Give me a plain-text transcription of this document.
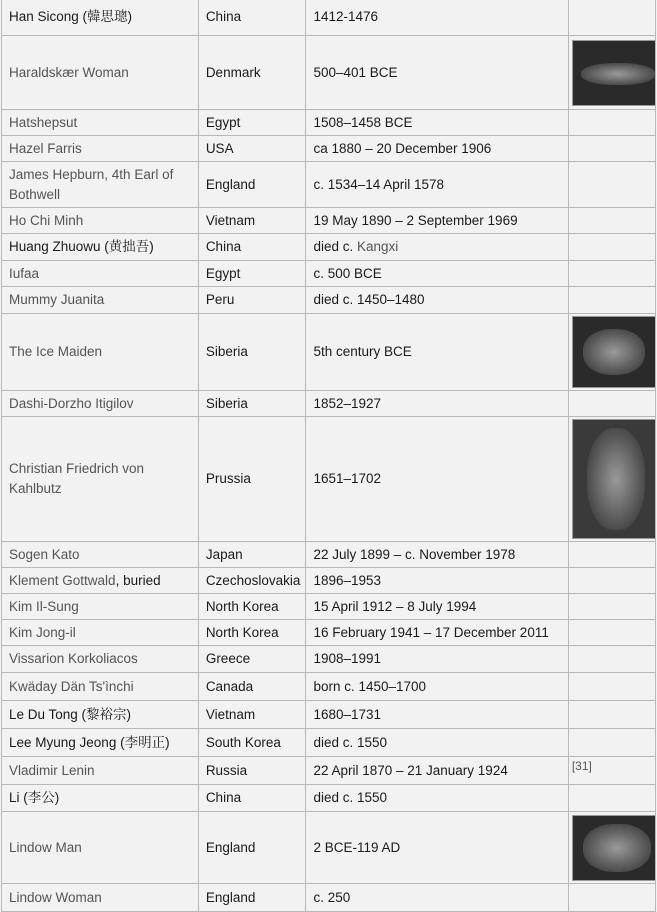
Han Sicong (韓思璁)	China	1412-1476	
Haraldskær Woman	Denmark	500–401 BCE	

Hatshepsut	Egypt	1508–1458 BCE	
Hazel Farris	USA	ca 1880 – 20 December 1906	
James Hepburn, 4th Earl of Bothwell	England	c. 1534–14 April 1578	
Ho Chi Minh	Vietnam	19 May 1890 – 2 September 1969	
Huang Zhuowu (黄拙吾)	China	died c. Kangxi	
Iufaa	Egypt	c. 500 BCE	
Mummy Juanita	Peru	died c. 1450–1480	
The Ice Maiden	Siberia	5th century BCE	

Dashi-Dorzho Itigilov	Siberia	1852–1927	
Christian Friedrich von Kahlbutz	Prussia	1651–1702	

Sogen Kato	Japan	22 July 1899 – c. November 1978	
Klement Gottwald, buried	Czechoslovakia	1896–1953	
Kim Il-Sung	North Korea	15 April 1912 – 8 July 1994	
Kim Jong-il	North Korea	16 February 1941 – 17 December 2011	
Vissarion Korkoliacos	Greece	1908–1991	
Kwäday Dän Ts'ìnchi	Canada	born c. 1450–1700	
Le Du Tong (黎裕宗)	Vietnam	1680–1731	
Lee Myung Jeong (李明正)	South Korea	died c. 1550	
Vladimir Lenin	Russia	22 April 1870 – 21 January 1924	[31]
Li (李公)	China	died c. 1550	
Lindow Man	England	2 BCE-119 AD	

Lindow Woman	England	c. 250	
